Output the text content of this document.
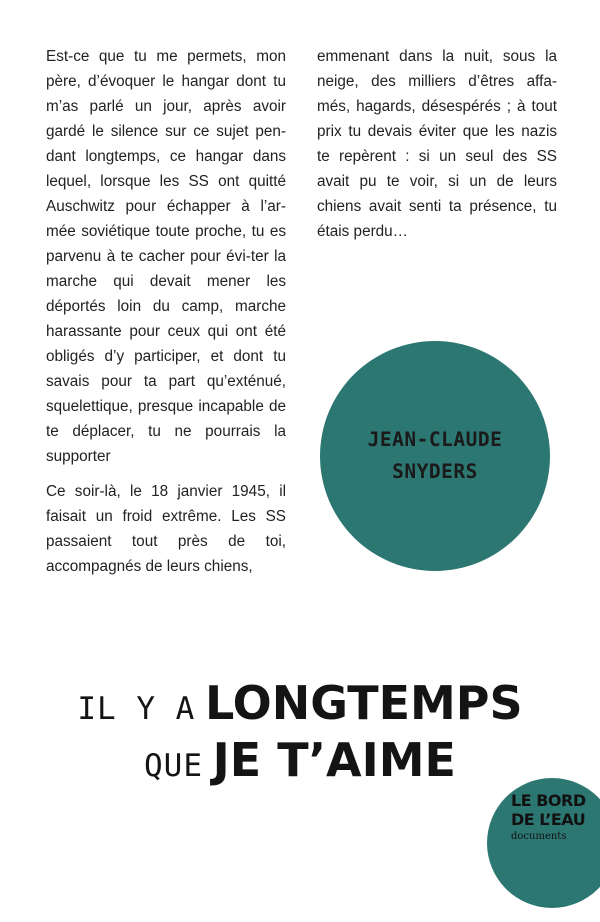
Est-ce que tu me permets, mon père, d’évoquer le hangar dont tu m’as parlé un jour, après avoir gardé le silence sur ce sujet pen-dant longtemps, ce hangar dans lequel, lorsque les SS ont quitté Auschwitz pour échapper à l’ar-mée soviétique toute proche, tu es parvenu à te cacher pour évi-ter la marche qui devait mener les déportés loin du camp, marche harassante pour ceux qui ont été obligés d’y participer, et dont tu savais pour ta part qu’exténué, squelettique, presque incapable de te déplacer, tu ne pourrais la supporter

Ce soir-là, le 18 janvier 1945, il faisait un froid extrême. Les SS passaient tout près de toi, accompagnés de leurs chiens,

emmenant dans la nuit, sous la neige, des milliers d’êtres affa-més, hagards, désespérés ; à tout prix tu devais éviter que les nazis te repèrent : si un seul des SS avait pu te voir, si un de leurs chiens avait senti ta présence, tu étais perdu…

JEAN-CLAUDE
SNYDERS
IL Y A LONGTEMPS
QUE JE T’AIME
LE BORD
DE L’EAU
documents
